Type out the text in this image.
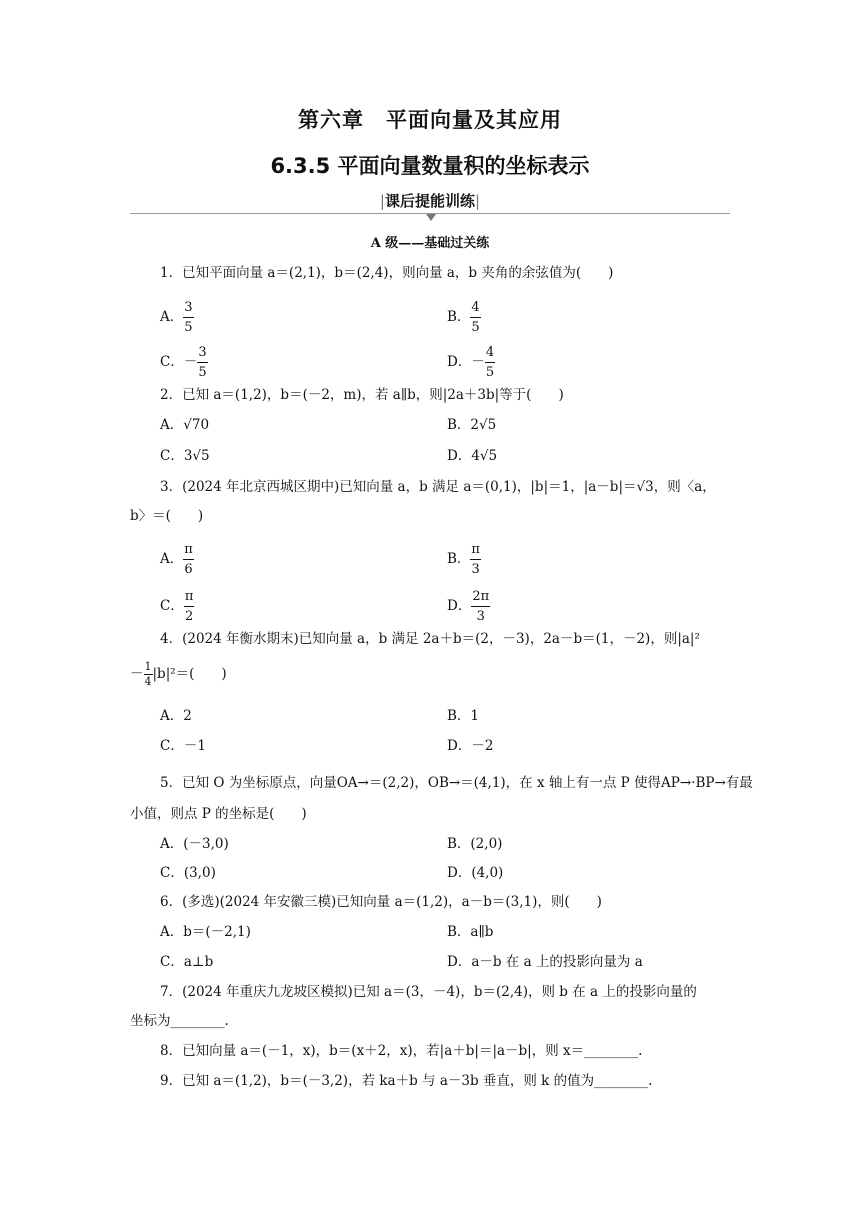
第六章　平面向量及其应用
6.3.5 平面向量数量积的坐标表示
|课后提能训练|
A 级——基础过关练
1．已知平面向量 a＝(2,1)，b＝(2,4)，则向量 a，b 夹角的余弦值为(　　)
A． $\frac{3}{5}$	B． $\frac{4}{5}$
C．－ $\frac{3}{5}$	D．－ $\frac{4}{5}$
2．已知 a＝(1,2)，b＝(－2，m)，若 a∥b，则|2a＋3b|等于(　　)
A．√70	B．2√5
C．3√5	D．4√5
3．(2024 年北京西城区期中)已知向量 a，b 满足 a＝(0,1)，|b|＝1，|a－b|＝√3，则〈a，
b〉＝(　　)
A． $\frac{\pi}{6}$	B． $\frac{\pi}{3}$
C． $\frac{\pi}{2}$	D． $\frac{2\pi}{3}$
4．(2024 年衡水期末)已知向量 a，b 满足 2a＋b＝(2，－3)，2a－b＝(1，－2)，则|a|²
－ $\frac{1}{4} |b|^2=$(　　)
A．2	B．1
C．－1	D．－2
5．已知 O 为坐标原点，向量OA→＝(2,2)，OB→＝(4,1)，在 x 轴上有一点 P 使得AP→·BP→有最
小值，则点 P 的坐标是(　　)
A．(－3,0)	B．(2,0)
C．(3,0)	D．(4,0)
6．(多选)(2024 年安徽三模)已知向量 a＝(1,2)，a－b＝(3,1)，则(　　)
A．b＝(－2,1)	B．a∥b
C．a⊥b	D．a－b 在 a 上的投影向量为 a
7．(2024 年重庆九龙坡区模拟)已知 a＝(3，－4)，b＝(2,4)，则 b 在 a 上的投影向量的
坐标为________.
8．已知向量 a＝(－1，x)，b＝(x＋2，x)，若|a＋b|＝|a－b|，则 x＝________.
9．已知 a＝(1,2)，b＝(－3,2)，若 ka＋b 与 a－3b 垂直，则 k 的值为________.
